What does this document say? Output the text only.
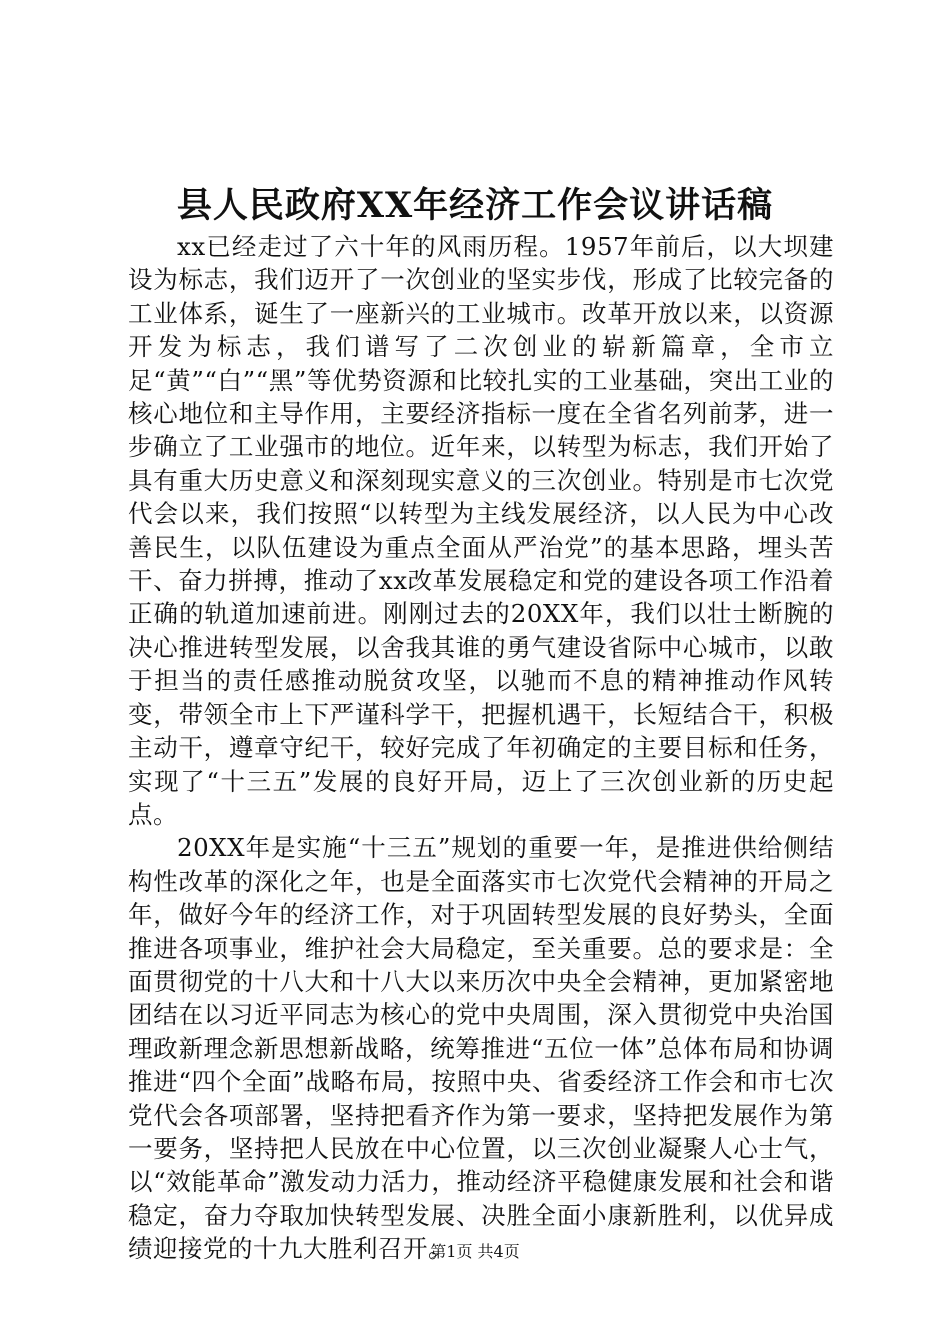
县人民政府XX年经济工作会议讲话稿

xx已经走过了六十年的风雨历程。1957年前后，以大坝建设为标志，我们迈开了一次创业的坚实步伐，形成了比较完备的工业体系，诞生了一座新兴的工业城市。改革开放以来，以资源开发为标志，我们谱写了二次创业的崭新篇章，全市立足“黄”“白”“黑”等优势资源和比较扎实的工业基础，突出工业的核心地位和主导作用，主要经济指标一度在全省名列前茅，进一步确立了工业强市的地位。近年来，以转型为标志，我们开始了具有重大历史意义和深刻现实意义的三次创业。特别是市七次党代会以来，我们按照“以转型为主线发展经济，以人民为中心改善民生，以队伍建设为重点全面从严治党”的基本思路，埋头苦干、奋力拼搏，推动了xx改革发展稳定和党的建设各项工作沿着正确的轨道加速前进。刚刚过去的20XX年，我们以壮士断腕的决心推进转型发展，以舍我其谁的勇气建设省际中心城市，以敢于担当的责任感推动脱贫攻坚，以驰而不息的精神推动作风转变，带领全市上下严谨科学干，把握机遇干，长短结合干，积极主动干，遵章守纪干，较好完成了年初确定的主要目标和任务，实现了“十三五”发展的良好开局，迈上了三次创业新的历史起点。

20XX年是实施“十三五”规划的重要一年，是推进供给侧结构性改革的深化之年，也是全面落实市七次党代会精神的开局之年，做好今年的经济工作，对于巩固转型发展的良好势头，全面推进各项事业，维护社会大局稳定，至关重要。总的要求是：全面贯彻党的十八大和十八大以来历次中央全会精神，更加紧密地团结在以习近平同志为核心的党中央周围，深入贯彻党中央治国理政新理念新思想新战略，统筹推进“五位一体”总体布局和协调推进“四个全面”战略布局，按照中央、省委经济工作会和市七次党代会各项部署，坚持把看齐作为第一要求，坚持把发展作为第一要务，坚持把人民放在中心位置，以三次创业凝聚人心士气，以“效能革命”激发动力活力，推动经济平稳健康发展和社会和谐稳定，奋力夺取加快转型发展、决胜全面小康新胜利，以优异成绩迎接党的十九大胜利召开。

第1页 共4页
